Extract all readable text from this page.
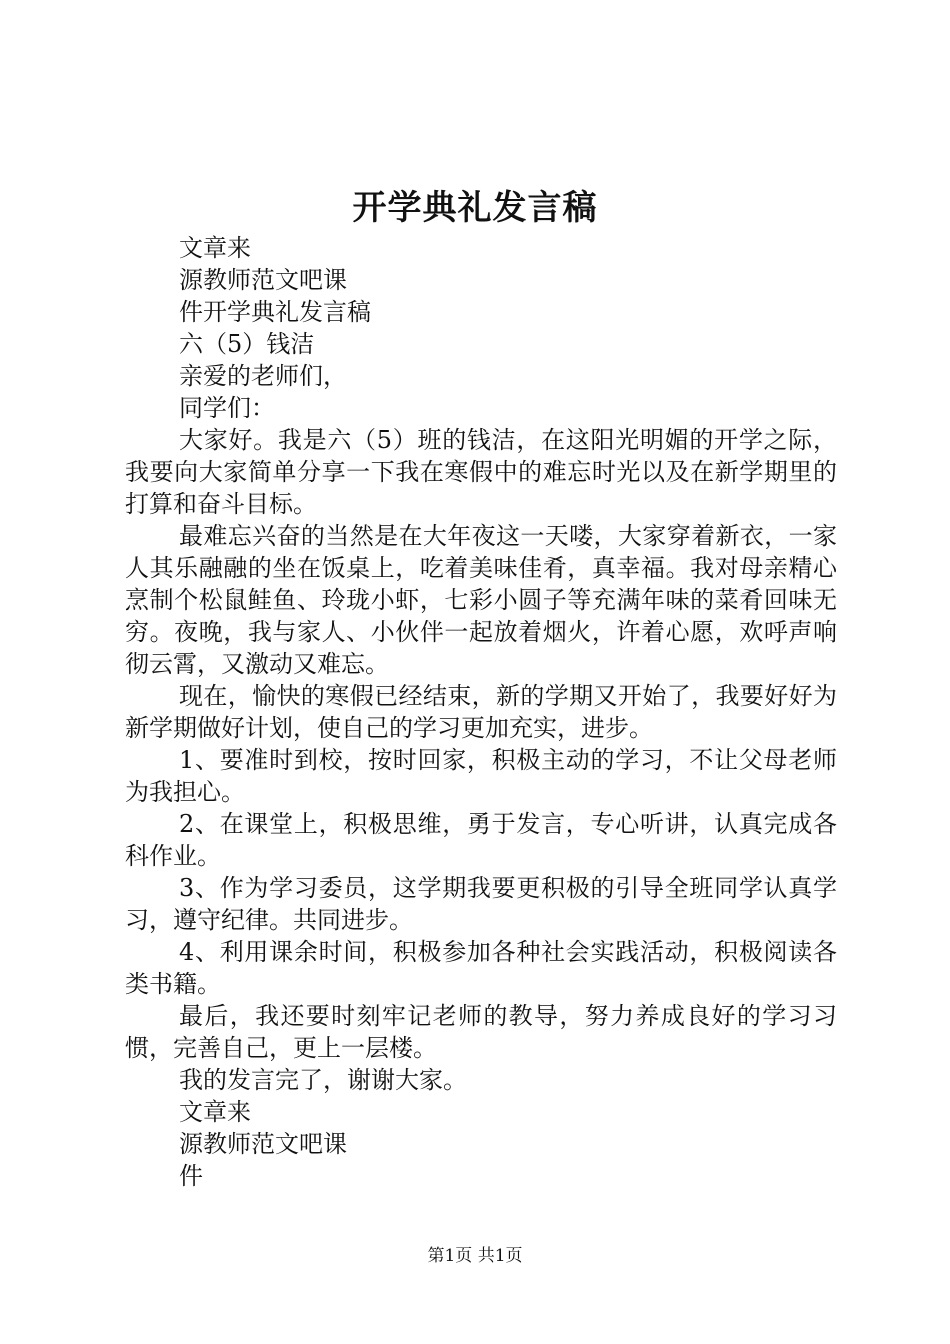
开学典礼发言稿

文章来

源教师范文吧课

件开学典礼发言稿

六（5）钱洁

亲爱的老师们，

同学们：

大家好。我是六（5）班的钱洁，在这阳光明媚的开学之际，我要向大家简单分享一下我在寒假中的难忘时光以及在新学期里的打算和奋斗目标。

最难忘兴奋的当然是在大年夜这一天喽，大家穿着新衣，一家人其乐融融的坐在饭桌上，吃着美味佳肴，真幸福。我对母亲精心烹制个松鼠鲑鱼、玲珑小虾，七彩小圆子等充满年味的菜肴回味无穷。夜晚，我与家人、小伙伴一起放着烟火，许着心愿，欢呼声响彻云霄，又激动又难忘。

现在，愉快的寒假已经结束，新的学期又开始了，我要好好为新学期做好计划，使自己的学习更加充实，进步。

1、要准时到校，按时回家，积极主动的学习，不让父母老师为我担心。

2、在课堂上，积极思维，勇于发言，专心听讲，认真完成各科作业。

3、作为学习委员，这学期我要更积极的引导全班同学认真学习，遵守纪律。共同进步。

4、利用课余时间，积极参加各种社会实践活动，积极阅读各类书籍。

最后，我还要时刻牢记老师的教导，努力养成良好的学习习惯，完善自己，更上一层楼。

我的发言完了，谢谢大家。

文章来

源教师范文吧课

件

第1页 共1页
